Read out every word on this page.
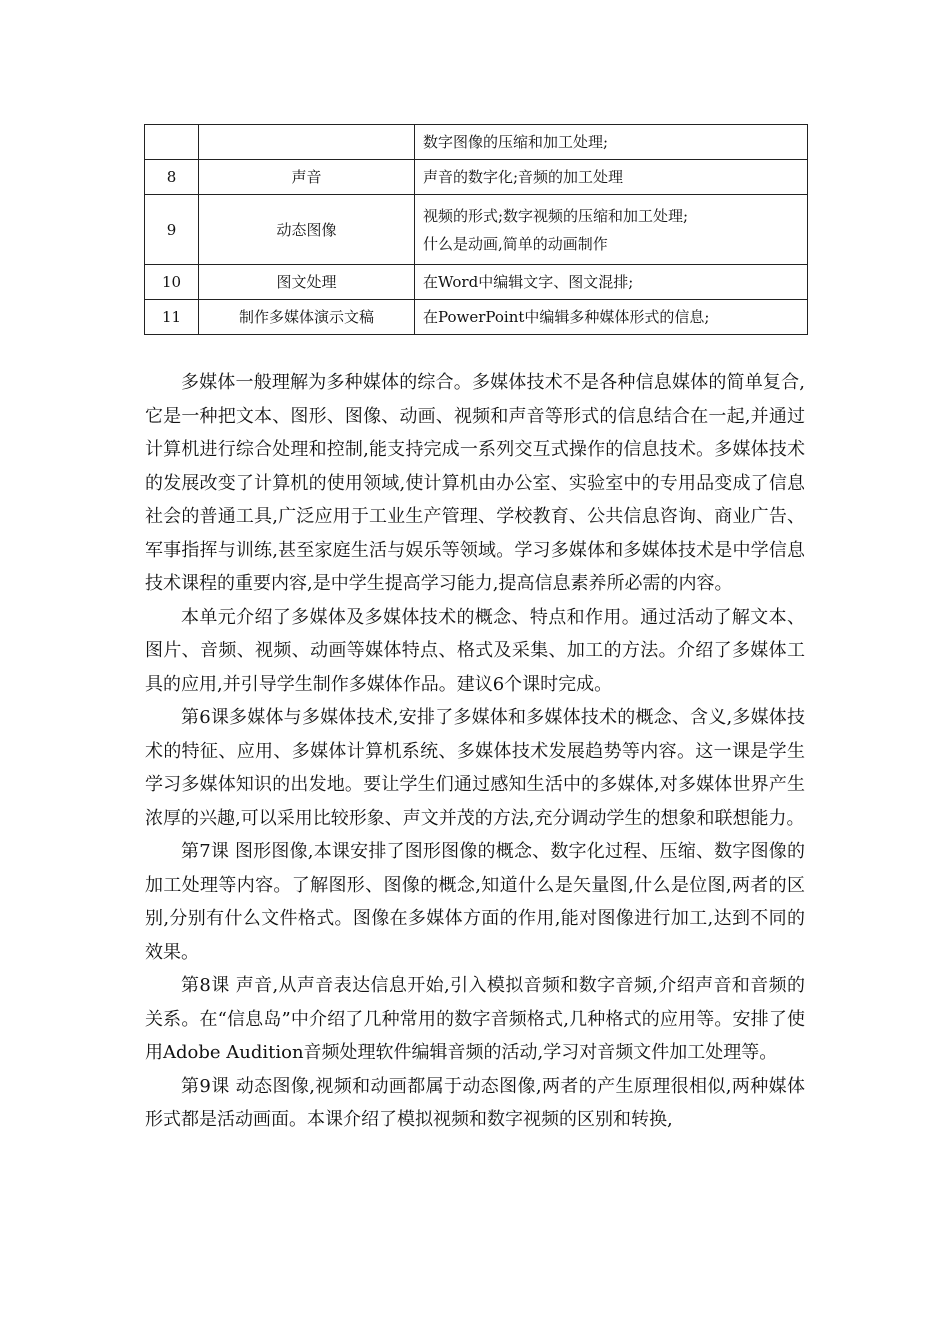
		数字图像的压缩和加工处理;

8	声音	声音的数字化;音频的加工处理

9	动态图像	视频的形式;数字视频的压缩和加工处理;
什么是动画,简单的动画制作

10	图文处理	在Word中编辑文字、图文混排;

11	制作多媒体演示文稿	在PowerPoint中编辑多种媒体形式的信息;

多媒体一般理解为多种媒体的综合。多媒体技术不是各种信息媒体的简单复合,它是一种把文本、图形、图像、动画、视频和声音等形式的信息结合在一起,并通过计算机进行综合处理和控制,能支持完成一系列交互式操作的信息技术。多媒体技术的发展改变了计算机的使用领域,使计算机由办公室、实验室中的专用品变成了信息社会的普通工具,广泛应用于工业生产管理、学校教育、公共信息咨询、商业广告、军事指挥与训练,甚至家庭生活与娱乐等领域。学习多媒体和多媒体技术是中学信息技术课程的重要内容,是中学生提高学习能力,提高信息素养所必需的内容。

本单元介绍了多媒体及多媒体技术的概念、特点和作用。通过活动了解文本、图片、音频、视频、动画等媒体特点、格式及采集、加工的方法。介绍了多媒体工具的应用,并引导学生制作多媒体作品。建议6个课时完成。

第6课多媒体与多媒体技术,安排了多媒体和多媒体技术的概念、含义,多媒体技术的特征、应用、多媒体计算机系统、多媒体技术发展趋势等内容。这一课是学生学习多媒体知识的出发地。要让学生们通过感知生活中的多媒体,对多媒体世界产生浓厚的兴趣,可以采用比较形象、声文并茂的方法,充分调动学生的想象和联想能力。

第7课 图形图像,本课安排了图形图像的概念、数字化过程、压缩、数字图像的加工处理等内容。了解图形、图像的概念,知道什么是矢量图,什么是位图,两者的区别,分别有什么文件格式。图像在多媒体方面的作用,能对图像进行加工,达到不同的效果。

第8课 声音,从声音表达信息开始,引入模拟音频和数字音频,介绍声音和音频的关系。在“信息岛”中介绍了几种常用的数字音频格式,几种格式的应用等。安排了使用Adobe Audition音频处理软件编辑音频的活动,学习对音频文件加工处理等。

第9课 动态图像,视频和动画都属于动态图像,两者的产生原理很相似,两种媒体形式都是活动画面。本课介绍了模拟视频和数字视频的区别和转换,
